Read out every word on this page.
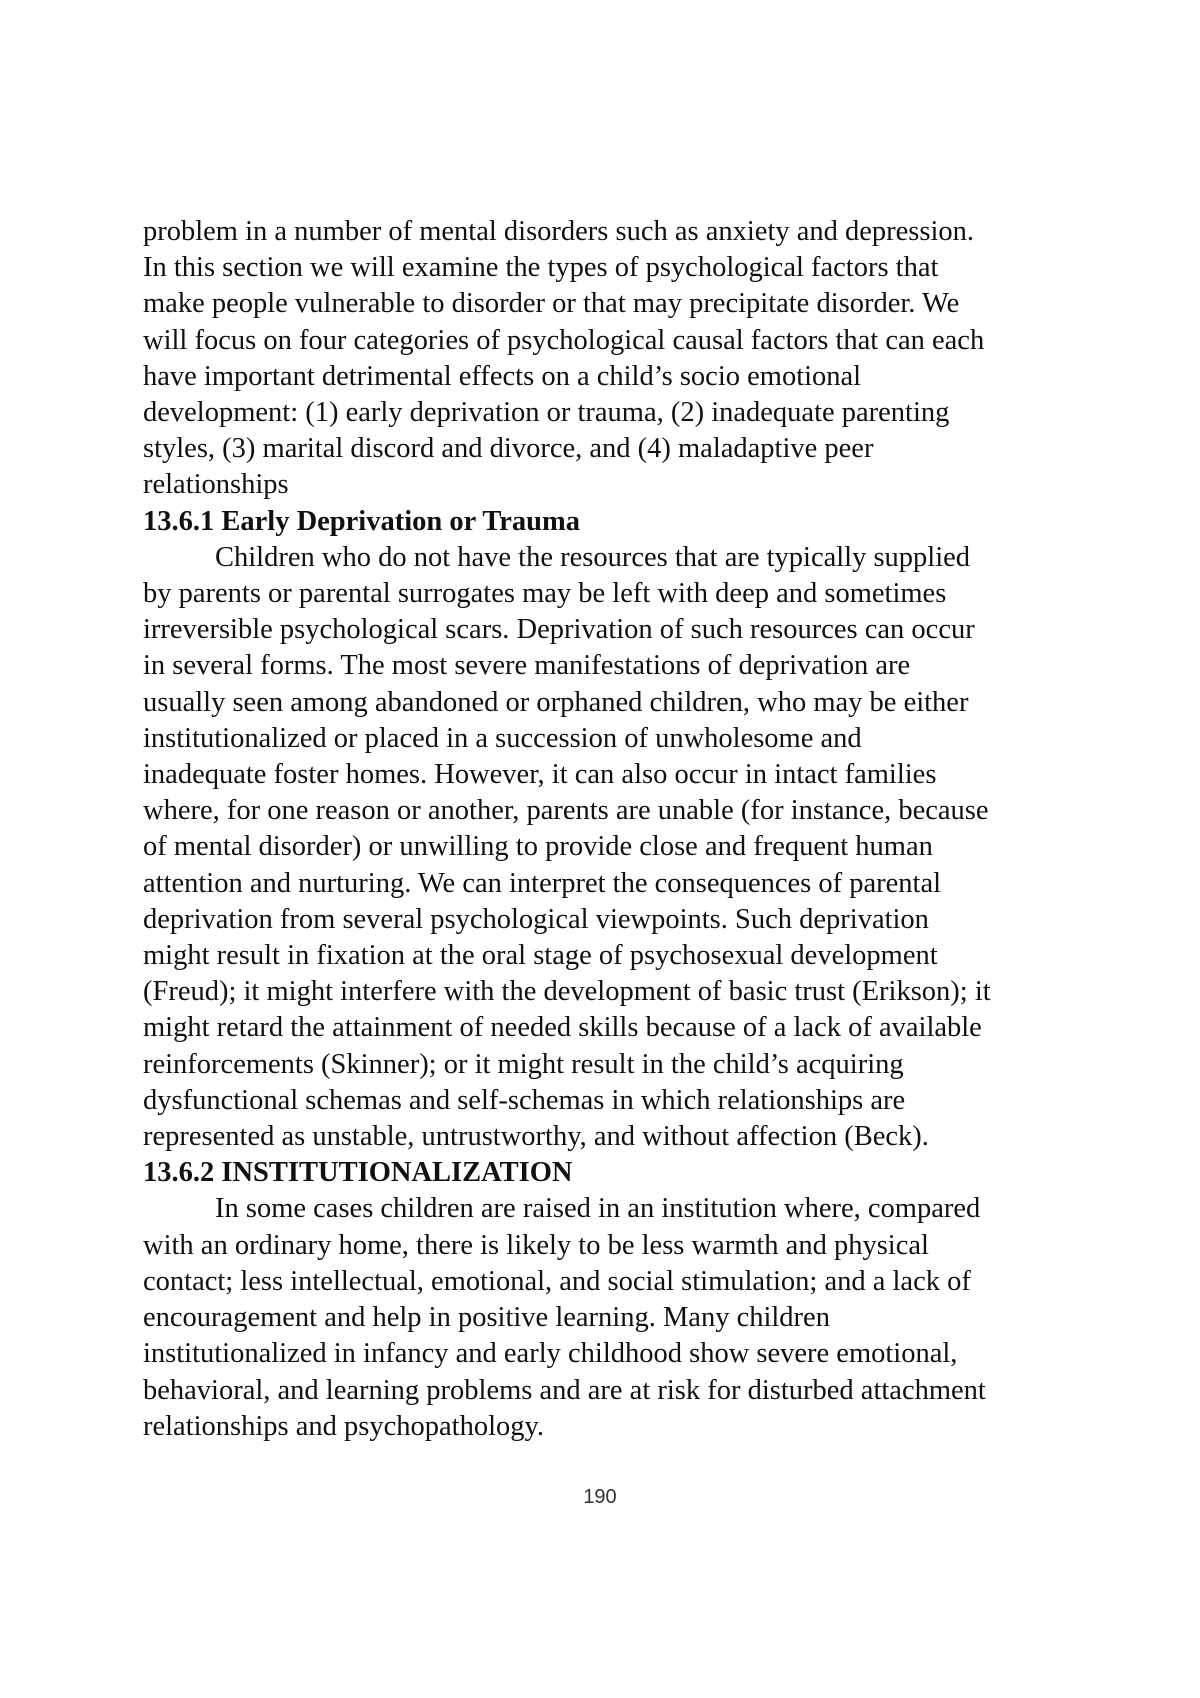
problem in a number of mental disorders such as anxiety and depression.
In this section we will examine the types of psychological factors that
make people vulnerable to disorder or that may precipitate disorder. We
will focus on four categories of psychological causal factors that can each
have important detrimental effects on a child’s socio emotional
development: (1) early deprivation or trauma, (2) inadequate parenting
styles, (3) marital discord and divorce, and (4) maladaptive peer
relationships
13.6.1 Early Deprivation or Trauma
Children who do not have the resources that are typically supplied
by parents or parental surrogates may be left with deep and sometimes
irreversible psychological scars. Deprivation of such resources can occur
in several forms. The most severe manifestations of deprivation are
usually seen among abandoned or orphaned children, who may be either
institutionalized or placed in a succession of unwholesome and
inadequate foster homes. However, it can also occur in intact families
where, for one reason or another, parents are unable (for instance, because
of mental disorder) or unwilling to provide close and frequent human
attention and nurturing. We can interpret the consequences of parental
deprivation from several psychological viewpoints. Such deprivation
might result in fixation at the oral stage of psychosexual development
(Freud); it might interfere with the development of basic trust (Erikson); it
might retard the attainment of needed skills because of a lack of available
reinforcements (Skinner); or it might result in the child’s acquiring
dysfunctional schemas and self-schemas in which relationships are
represented as unstable, untrustworthy, and without affection (Beck).
13.6.2 INSTITUTIONALIZATION
In some cases children are raised in an institution where, compared
with an ordinary home, there is likely to be less warmth and physical
contact; less intellectual, emotional, and social stimulation; and a lack of
encouragement and help in positive learning. Many children
institutionalized in infancy and early childhood show severe emotional,
behavioral, and learning problems and are at risk for disturbed attachment
relationships and psychopathology.
190
